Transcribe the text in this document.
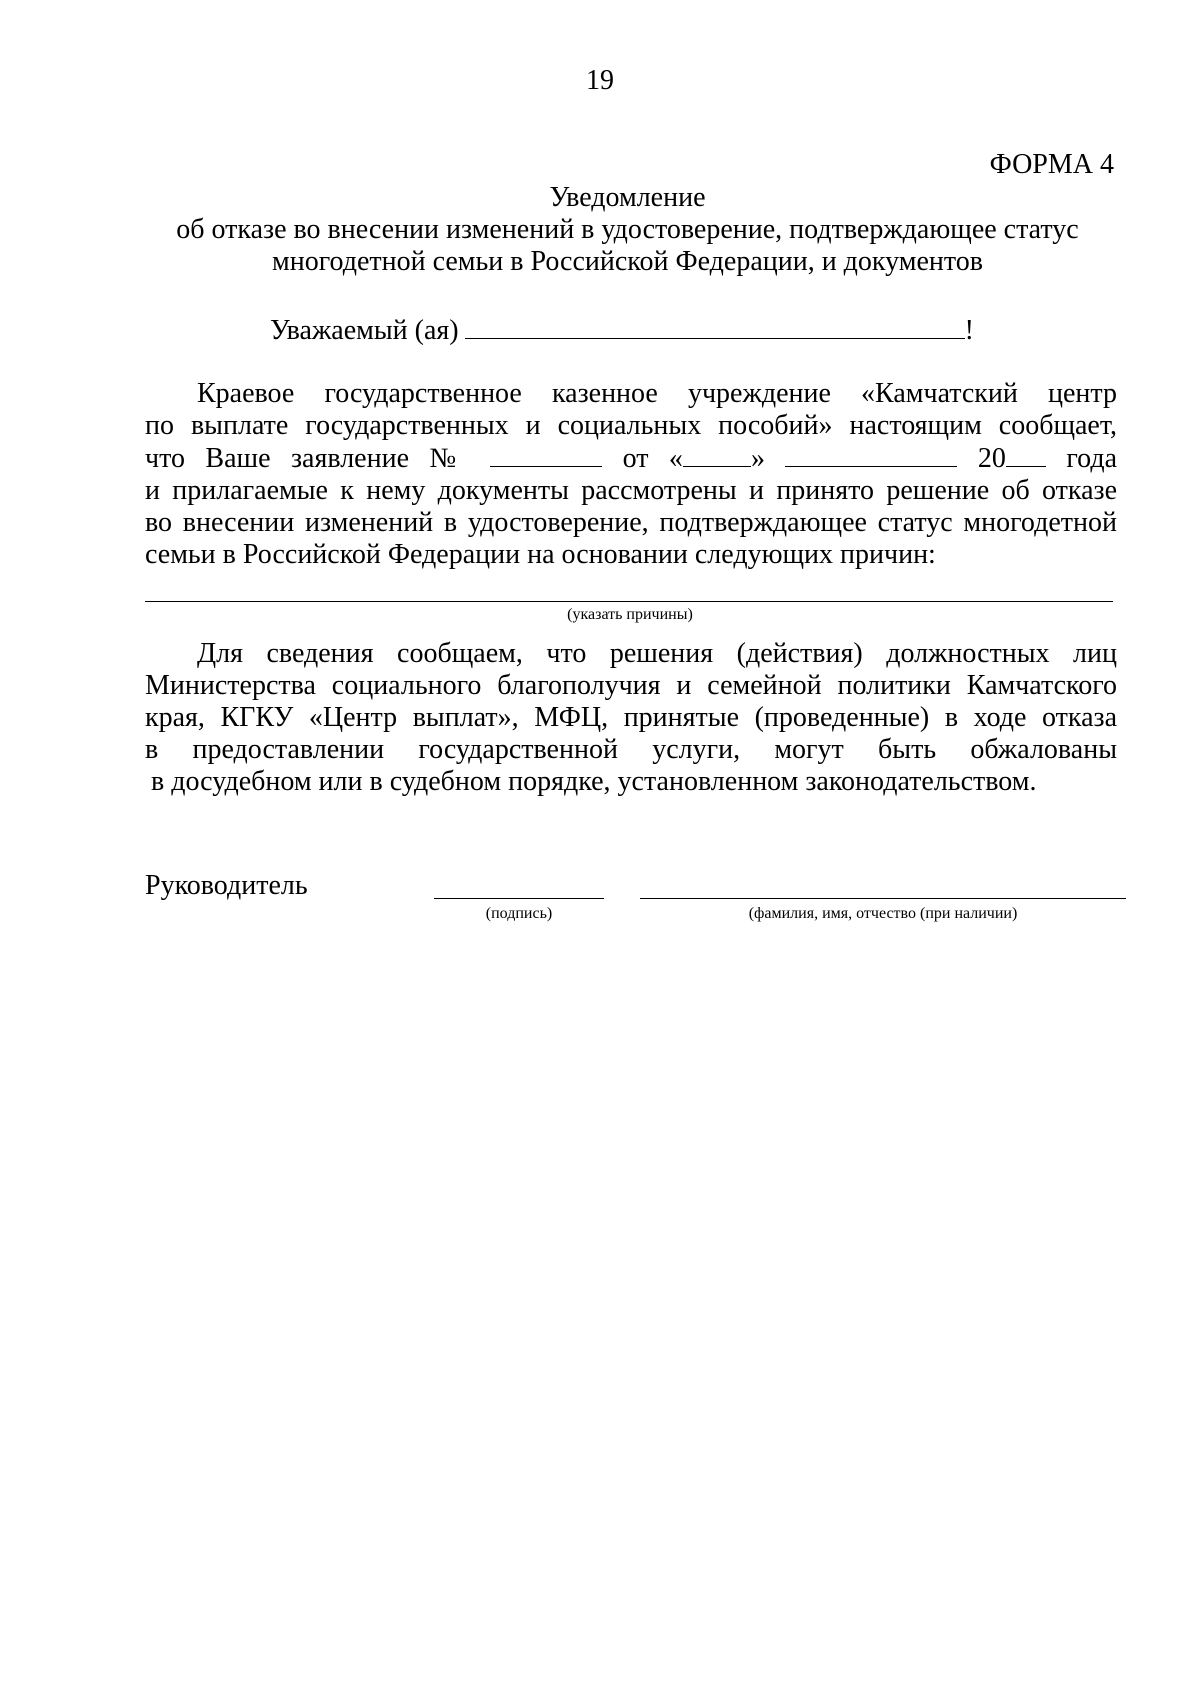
19
ФОРМА 4
Уведомление
об отказе во внесении изменений в удостоверение, подтверждающее статус
многодетной семьи в Российской Федерации, и документов
Уважаемый (ая)	!
Краевое государственное казенное учреждение «Камчатский центр
по выплате государственных и социальных пособий» настоящим сообщает,
что Ваше заявление №	от « »	20 года
и прилагаемые к нему документы рассмотрены и принято решение об отказе
во внесении изменений в удостоверение, подтверждающее статус многодетной
семьи в Российской Федерации на основании следующих причин:
(указать причины)
Для сведения сообщаем, что решения (действия) должностных лиц
Министерства социального благополучия и семейной политики Камчатского
края, КГКУ «Центр выплат», МФЦ, принятые (проведенные) в ходе отказа
в предоставлении государственной услуги, могут быть обжалованы
в досудебном или в судебном порядке, установленном законодательством.
Руководитель
(подпись)	(фамилия, имя, отчество (при наличии)
